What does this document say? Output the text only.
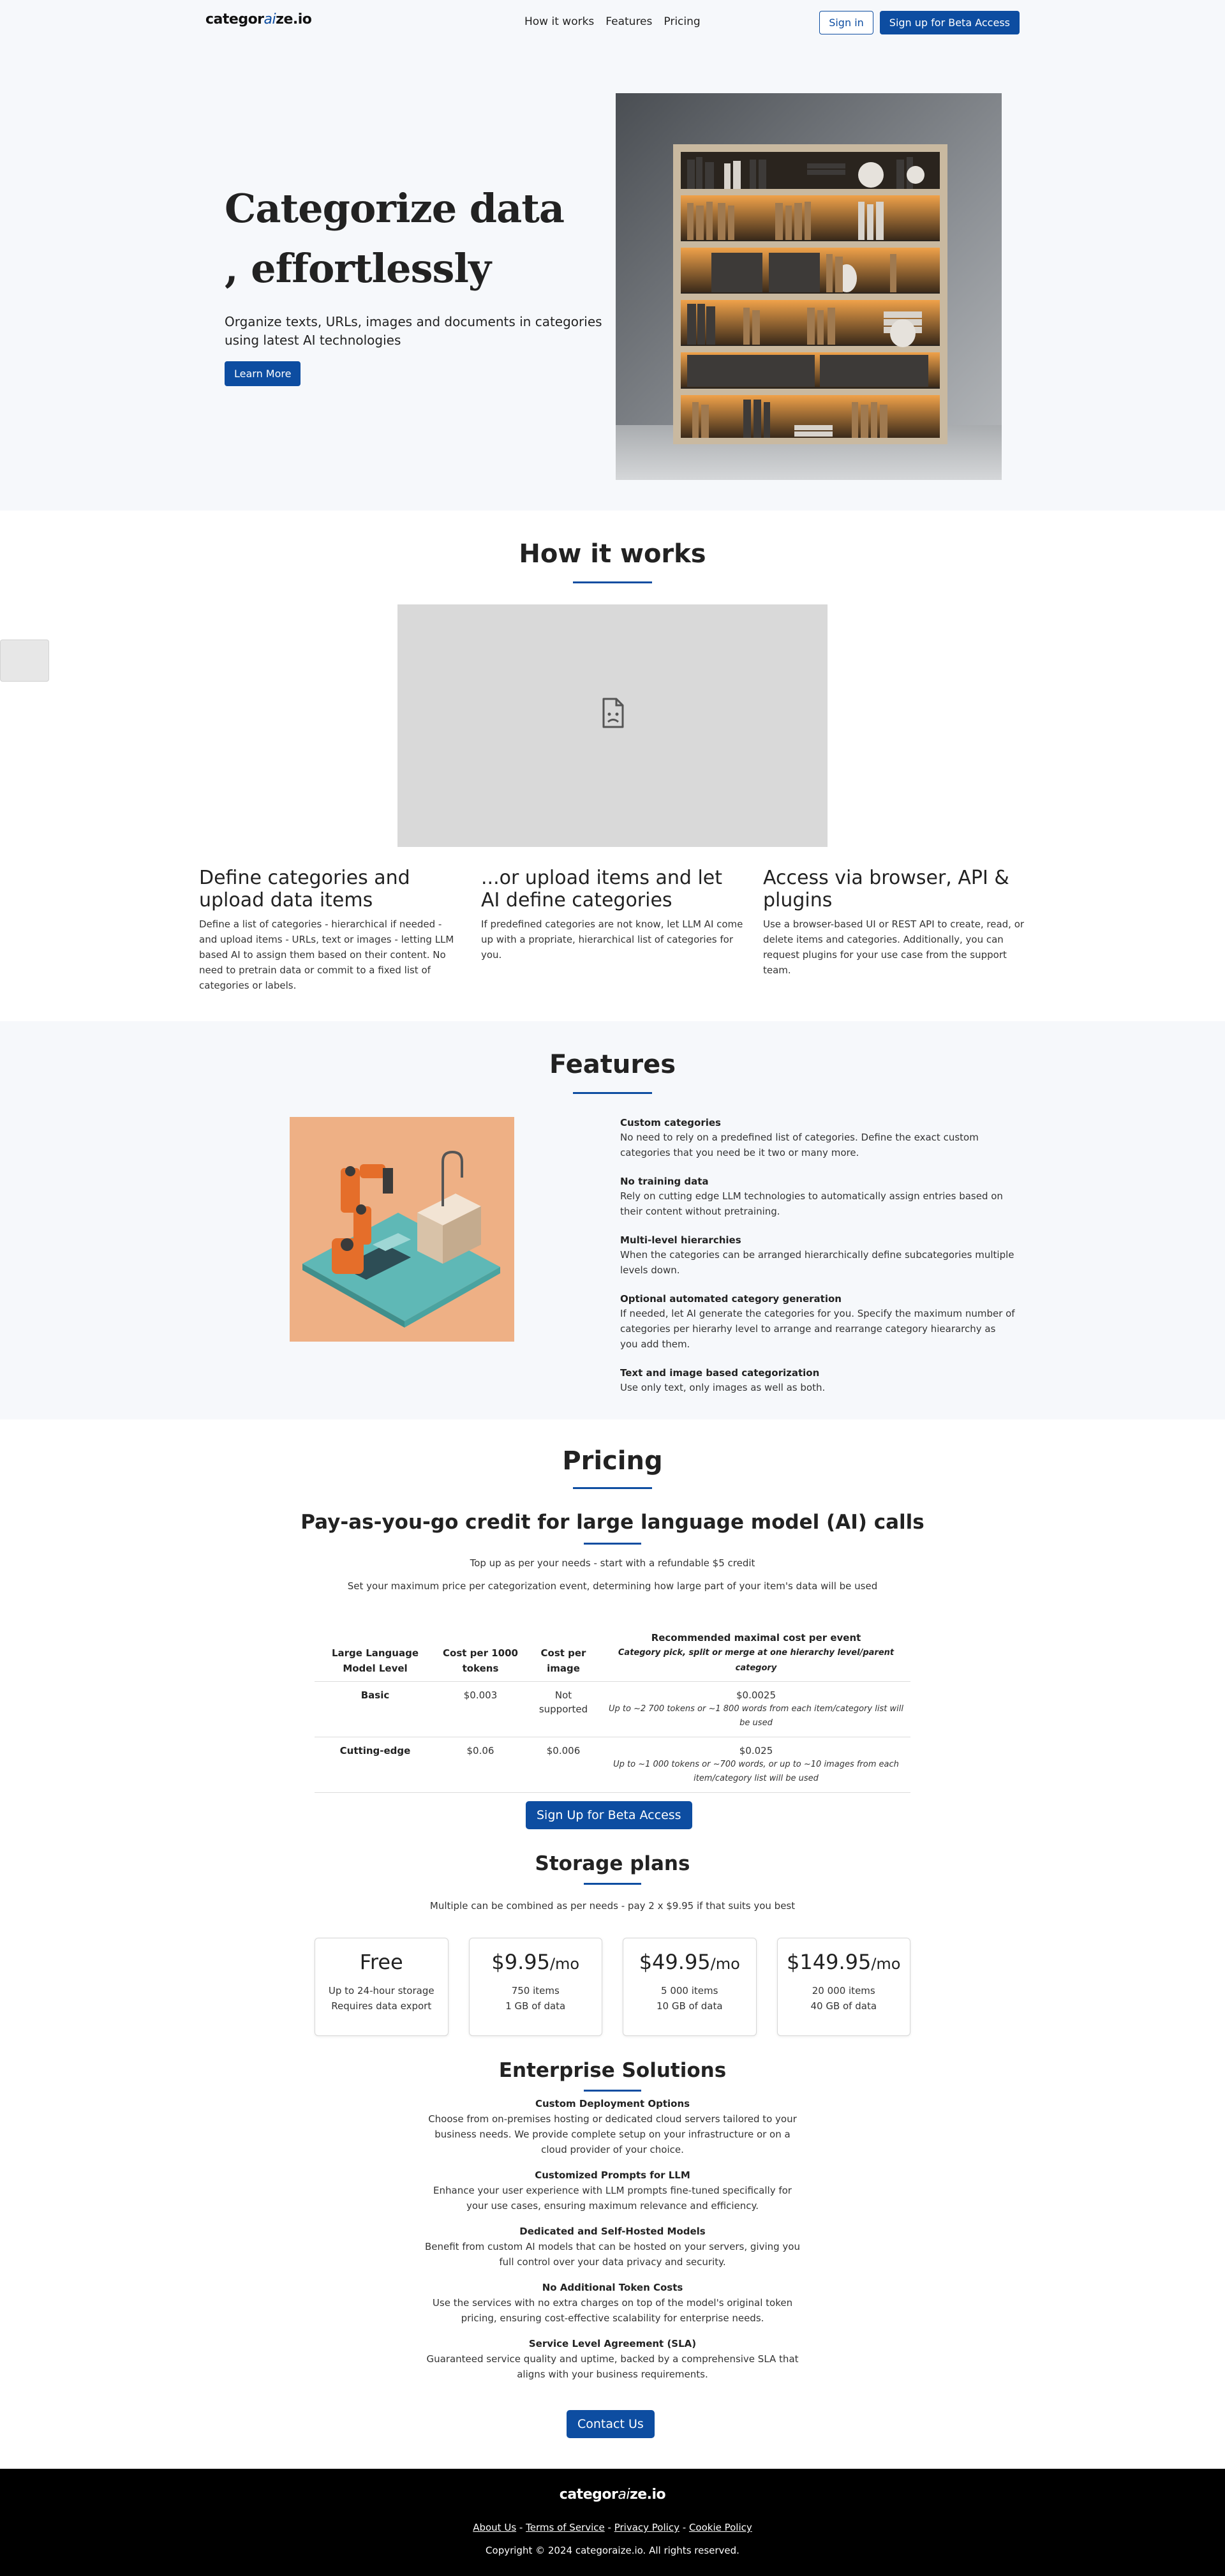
categoraize.io	How it works Features Pricing	Sign in	Sign up for Beta Access
Categorize data , effortlessly

Organize texts, URLs, images and documents in categories using latest AI technologies

Learn More
How it works
Define categories and upload data items

Define a list of categories - hierarchical if needed - and upload items - URLs, text or images - letting LLM based AI to assign them based on their content. No need to pretrain data or commit to a fixed list of categories or labels.

...or upload items and let AI define categories

If predefined categories are not know, let LLM AI come up with a propriate, hierarchical list of categories for you.

Access via browser, API & plugins

Use a browser-based UI or REST API to create, read, or delete items and categories. Additionally, you can request plugins for your use case from the support team.

Features
Custom categories

No need to rely on a predefined list of categories. Define the exact custom categories that you need be it two or many more.

No training data

Rely on cutting edge LLM technologies to automatically assign entries based on their content without pretraining.

Multi-level hierarchies

When the categories can be arranged hierarchically define subcategories multiple levels down.

Optional automated category generation

If needed, let AI generate the categories for you. Specify the maximum number of categories per hierarhy level to arrange and rearrange category hieararchy as you add them.

Text and image based categorization

Use only text, only images as well as both.

Pricing
Pay-as-you-go credit for large language model (AI) calls

Top up as per your needs - start with a refundable $5 credit

Set your maximum price per categorization event, determining how large part of your item's data will be used

Large Language Model Level	Cost per 1000 tokens	Cost per image	Recommended maximal cost per event
Category pick, split or merge at one hierarchy level/parent category

Basic	$0.003	Not supported	$0.0025
Up to ~2 700 tokens or ~1 800 words from each item/category list will be used

Cutting-edge	$0.06	$0.006	$0.025
Up to ~1 000 tokens or ~700 words, or up to ~10 images from each item/category list will be used
Sign Up for Beta Access
Storage plans

Multiple can be combined as per needs - pay 2 x $9.95 if that suits you best

Free
Up to 24-hour storage
Requires data export
$9.95/mo
750 items
1 GB of data
$49.95/mo
5 000 items
10 GB of data
$149.95/mo
20 000 items
40 GB of data
Enterprise Solutions
Custom Deployment Options

Choose from on-premises hosting or dedicated cloud servers tailored to your business needs. We provide complete setup on your infrastructure or on a cloud provider of your choice.

Customized Prompts for LLM

Enhance your user experience with LLM prompts fine-tuned specifically for your use cases, ensuring maximum relevance and efficiency.

Dedicated and Self-Hosted Models

Benefit from custom AI models that can be hosted on your servers, giving you full control over your data privacy and security.

No Additional Token Costs

Use the services with no extra charges on top of the model's original token pricing, ensuring cost-effective scalability for enterprise needs.

Service Level Agreement (SLA)

Guaranteed service quality and uptime, backed by a comprehensive SLA that aligns with your business requirements.

Contact Us
categoraize.io
About Us - Terms of Service - Privacy Policy - Cookie Policy
Copyright © 2024 categoraize.io. All rights reserved.
